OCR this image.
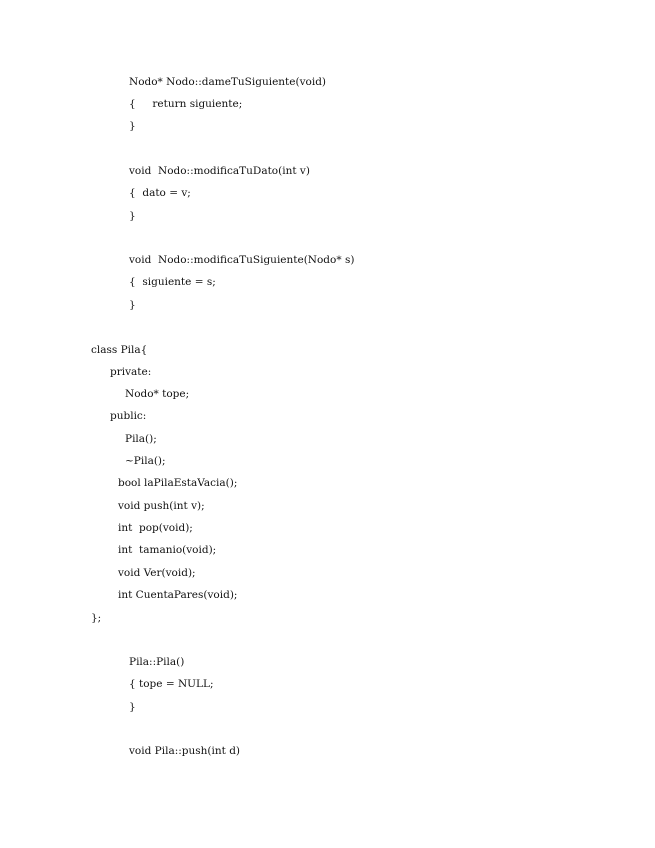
Nodo* Nodo::dameTuSiguiente(void)
{     return siguiente;
}
void  Nodo::modificaTuDato(int v)
{  dato = v;
}
void  Nodo::modificaTuSiguiente(Nodo* s)
{  siguiente = s;
}
class Pila{
private:
Nodo* tope;
public:
Pila();
~Pila();
bool laPilaEstaVacia();
void push(int v);
int  pop(void);
int  tamanio(void);
void Ver(void);
int CuentaPares(void);
};
Pila::Pila()
{ tope = NULL;
}
void Pila::push(int d)
